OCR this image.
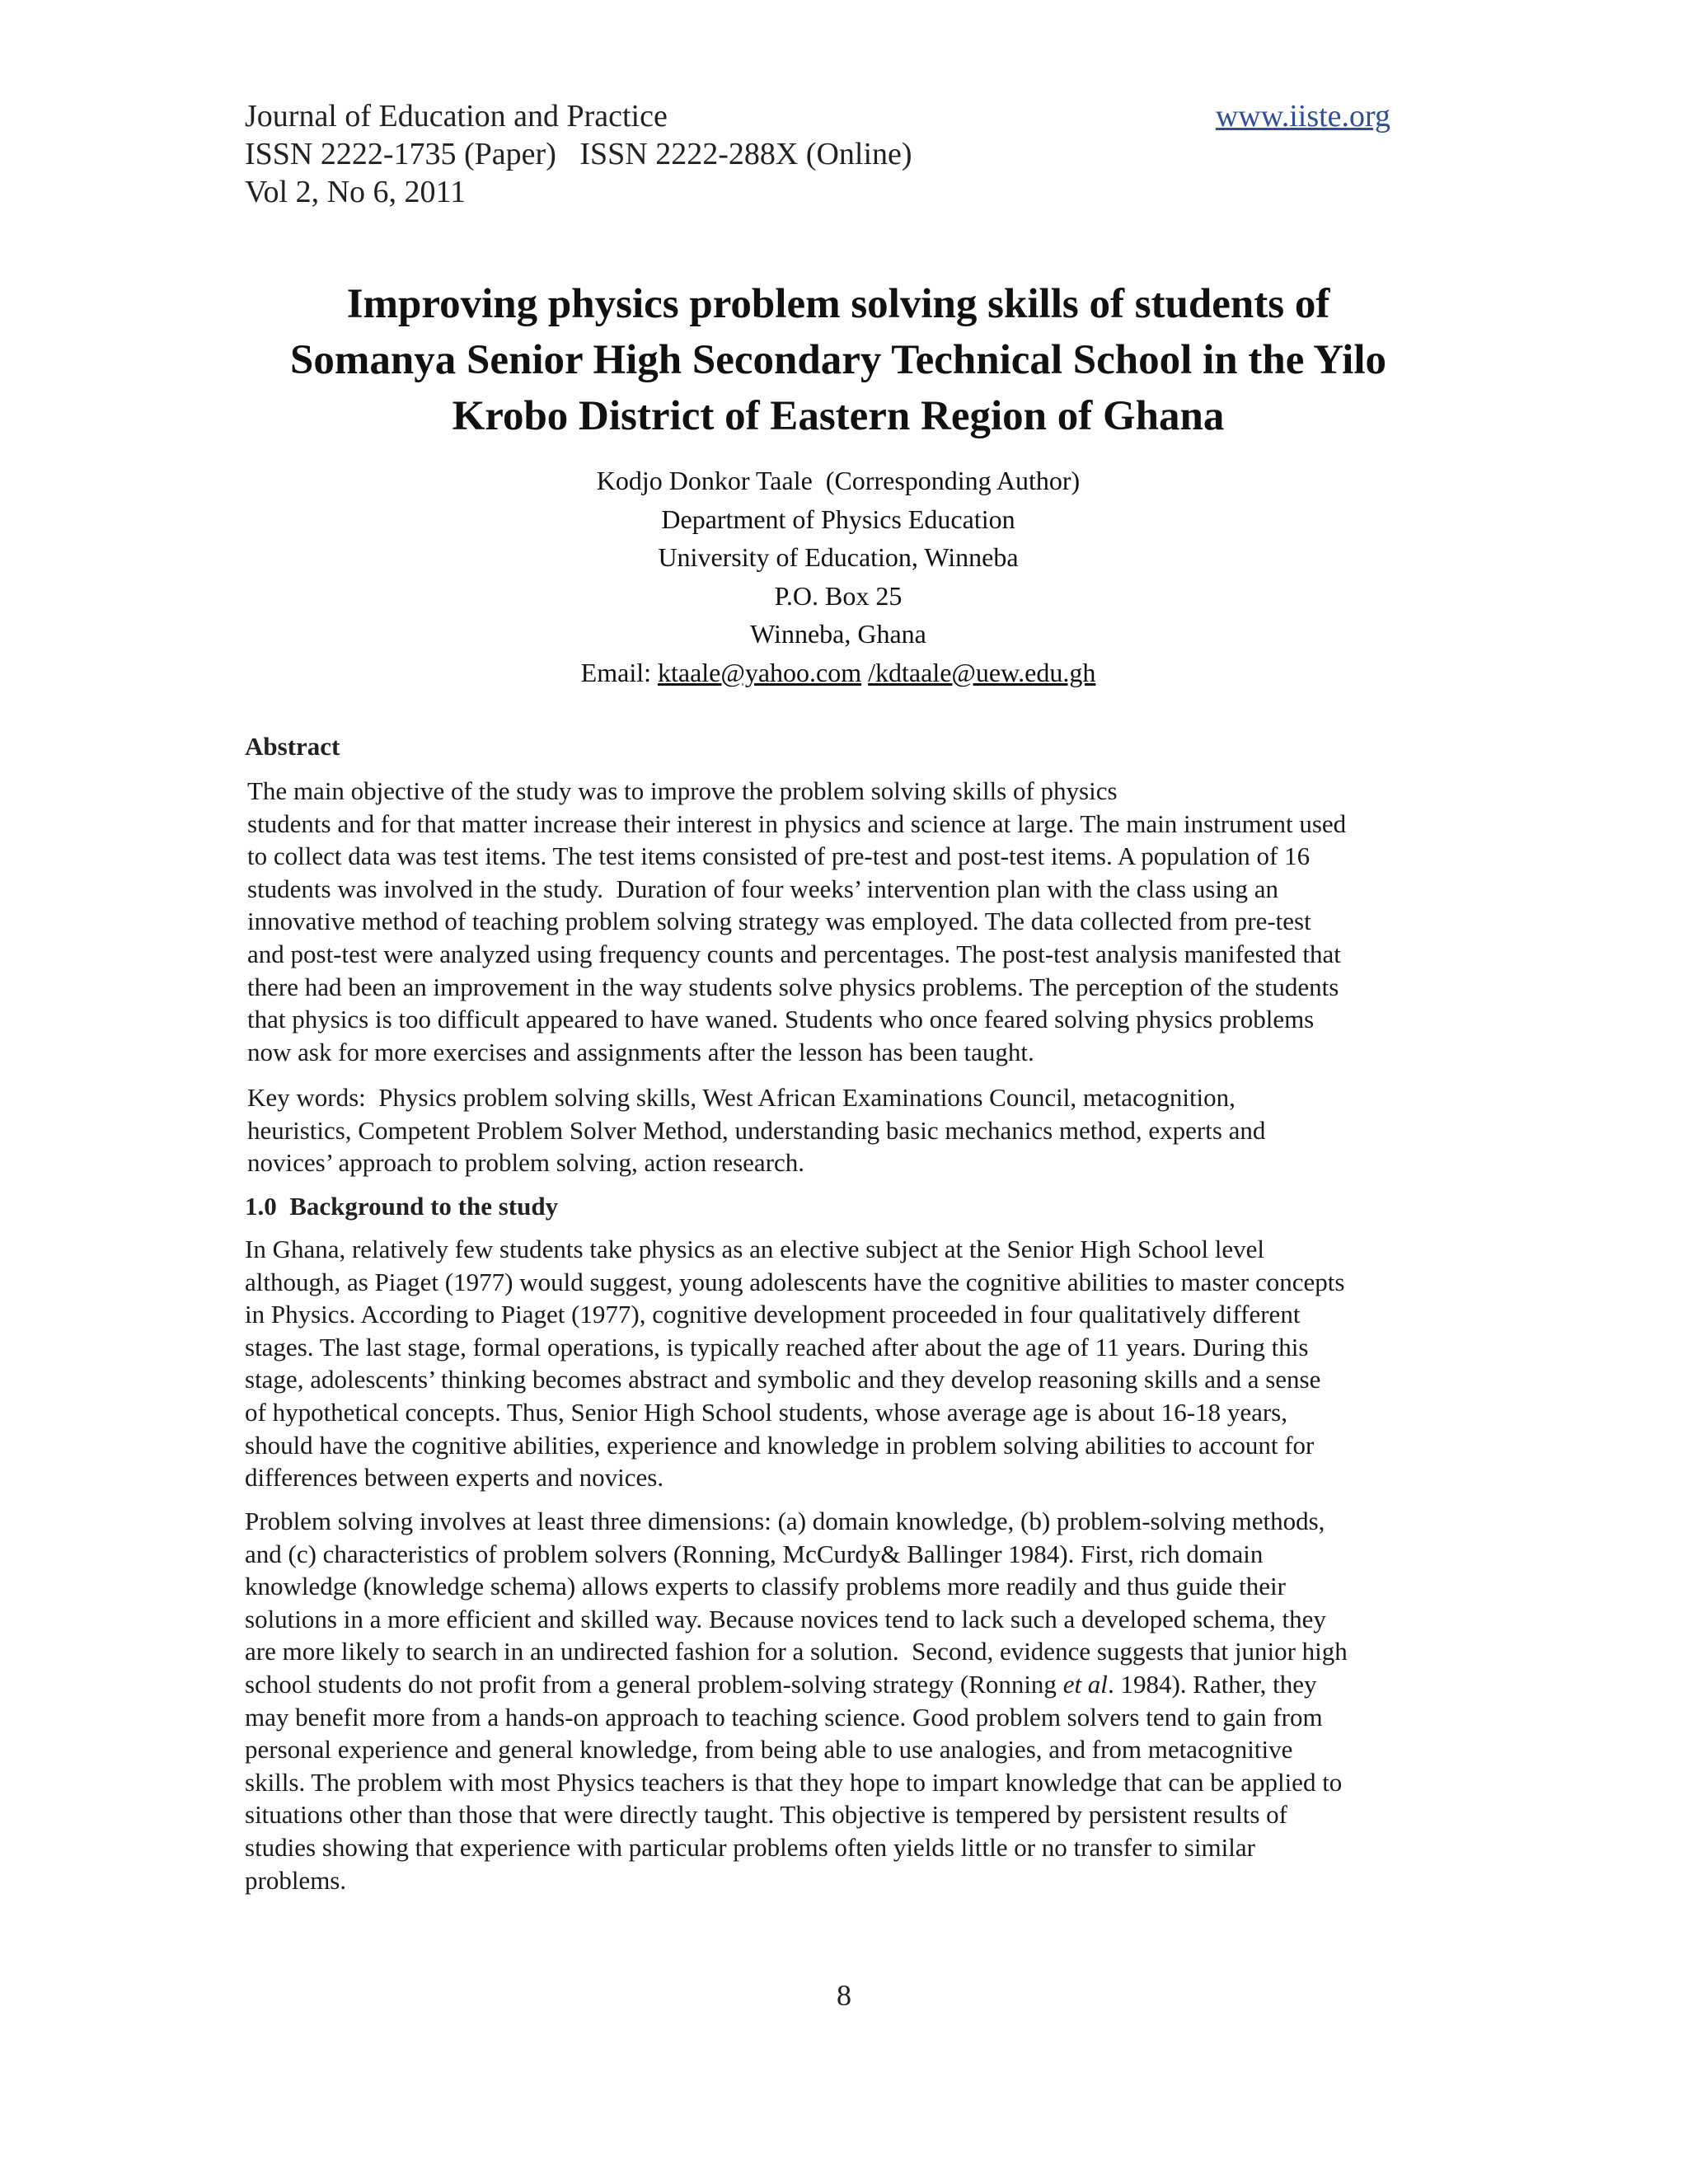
Journal of Education and Practice	www.iiste.org
ISSN 2222-1735 (Paper)   ISSN 2222-288X (Online)
Vol 2, No 6, 2011
Improving physics problem solving skills of students of
Somanya Senior High Secondary Technical School in the Yilo
Krobo District of Eastern Region of Ghana
Kodjo Donkor Taale  (Corresponding Author)
Department of Physics Education
University of Education, Winneba
P.O. Box 25
Winneba, Ghana
Email: ktaale@yahoo.com /kdtaale@uew.edu.gh
Abstract
The main objective of the study was to improve the problem solving skills of physics
students and for that matter increase their interest in physics and science at large. The main instrument used
to collect data was test items. The test items consisted of pre-test and post-test items. A population of 16
students was involved in the study.  Duration of four weeks’ intervention plan with the class using an
innovative method of teaching problem solving strategy was employed. The data collected from pre-test
and post-test were analyzed using frequency counts and percentages. The post-test analysis manifested that
there had been an improvement in the way students solve physics problems. The perception of the students
that physics is too difficult appeared to have waned. Students who once feared solving physics problems
now ask for more exercises and assignments after the lesson has been taught.
Key words:  Physics problem solving skills, West African Examinations Council, metacognition,
heuristics, Competent Problem Solver Method, understanding basic mechanics method, experts and
novices’ approach to problem solving, action research.
1.0  Background to the study
In Ghana, relatively few students take physics as an elective subject at the Senior High School level
although, as Piaget (1977) would suggest, young adolescents have the cognitive abilities to master concepts
in Physics. According to Piaget (1977), cognitive development proceeded in four qualitatively different
stages. The last stage, formal operations, is typically reached after about the age of 11 years. During this
stage, adolescents’ thinking becomes abstract and symbolic and they develop reasoning skills and a sense
of hypothetical concepts. Thus, Senior High School students, whose average age is about 16-18 years,
should have the cognitive abilities, experience and knowledge in problem solving abilities to account for
differences between experts and novices.
Problem solving involves at least three dimensions: (a) domain knowledge, (b) problem-solving methods,
and (c) characteristics of problem solvers (Ronning, McCurdy& Ballinger 1984). First, rich domain
knowledge (knowledge schema) allows experts to classify problems more readily and thus guide their
solutions in a more efficient and skilled way. Because novices tend to lack such a developed schema, they
are more likely to search in an undirected fashion for a solution.  Second, evidence suggests that junior high
school students do not profit from a general problem-solving strategy (Ronning et al. 1984). Rather, they
may benefit more from a hands-on approach to teaching science. Good problem solvers tend to gain from
personal experience and general knowledge, from being able to use analogies, and from metacognitive
skills. The problem with most Physics teachers is that they hope to impart knowledge that can be applied to
situations other than those that were directly taught. This objective is tempered by persistent results of
studies showing that experience with particular problems often yields little or no transfer to similar
problems.
8
